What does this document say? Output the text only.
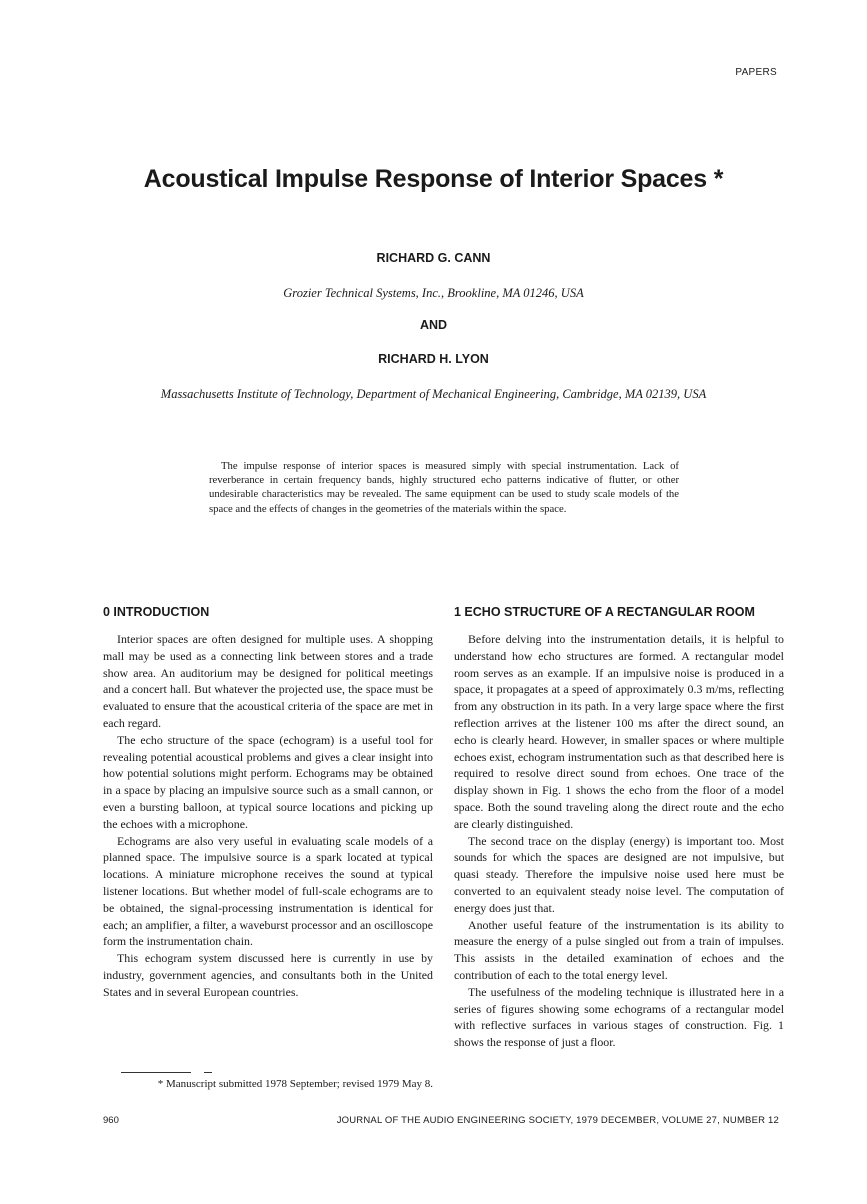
PAPERS
Acoustical Impulse Response of Interior Spaces *
RICHARD G. CANN
Grozier Technical Systems, Inc., Brookline, MA 01246, USA
AND
RICHARD H. LYON
Massachusetts Institute of Technology, Department of Mechanical Engineering, Cambridge, MA 02139, USA
The impulse response of interior spaces is measured simply with special instrumentation. Lack of reverberance in certain frequency bands, highly structured echo patterns indicative of flutter, or other undesirable characteristics may be revealed. The same equipment can be used to study scale models of the space and the effects of changes in the geometries of the materials within the space.
0 INTRODUCTION

Interior spaces are often designed for multiple uses. A shopping mall may be used as a connecting link between stores and a trade show area. An auditorium may be designed for political meetings and a concert hall. But whatever the projected use, the space must be evaluated to ensure that the acoustical criteria of the space are met in each regard.

The echo structure of the space (echogram) is a useful tool for revealing potential acoustical problems and gives a clear insight into how potential solutions might perform. Echograms may be obtained in a space by placing an impulsive source such as a small cannon, or even a bursting balloon, at typical source locations and picking up the echoes with a microphone.

Echograms are also very useful in evaluating scale models of a planned space. The impulsive source is a spark located at typical locations. A miniature microphone receives the sound at typical listener locations. But whether model of full-scale echograms are to be obtained, the signal-processing instrumentation is identical for each; an amplifier, a filter, a waveburst processor and an oscilloscope form the instrumentation chain.

This echogram system discussed here is currently in use by industry, government agencies, and consultants both in the United States and in several European countries.

1 ECHO STRUCTURE OF A RECTANGULAR ROOM

Before delving into the instrumentation details, it is helpful to understand how echo structures are formed. A rectangular model room serves as an example. If an impulsive noise is produced in a space, it propagates at a speed of approximately 0.3 m/ms, reflecting from any obstruction in its path. In a very large space where the first reflection arrives at the listener 100 ms after the direct sound, an echo is clearly heard. However, in smaller spaces or where multiple echoes exist, echogram instrumentation such as that described here is required to resolve direct sound from echoes. One trace of the display shown in Fig. 1 shows the echo from the floor of a model space. Both the sound traveling along the direct route and the echo are clearly distinguished.

The second trace on the display (energy) is important too. Most sounds for which the spaces are designed are not impulsive, but quasi steady. Therefore the impulsive noise used here must be converted to an equivalent steady noise level. The computation of energy does just that.

Another useful feature of the instrumentation is its ability to measure the energy of a pulse singled out from a train of impulses. This assists in the detailed examination of echoes and the contribution of each to the total energy level.

The usefulness of the modeling technique is illustrated here in a series of figures showing some echograms of a rectangular model with reflective surfaces in various stages of construction. Fig. 1 shows the response of just a floor.

* Manuscript submitted 1978 September; revised 1979 May 8.
960	JOURNAL OF THE AUDIO ENGINEERING SOCIETY, 1979 DECEMBER, VOLUME 27, NUMBER 12
